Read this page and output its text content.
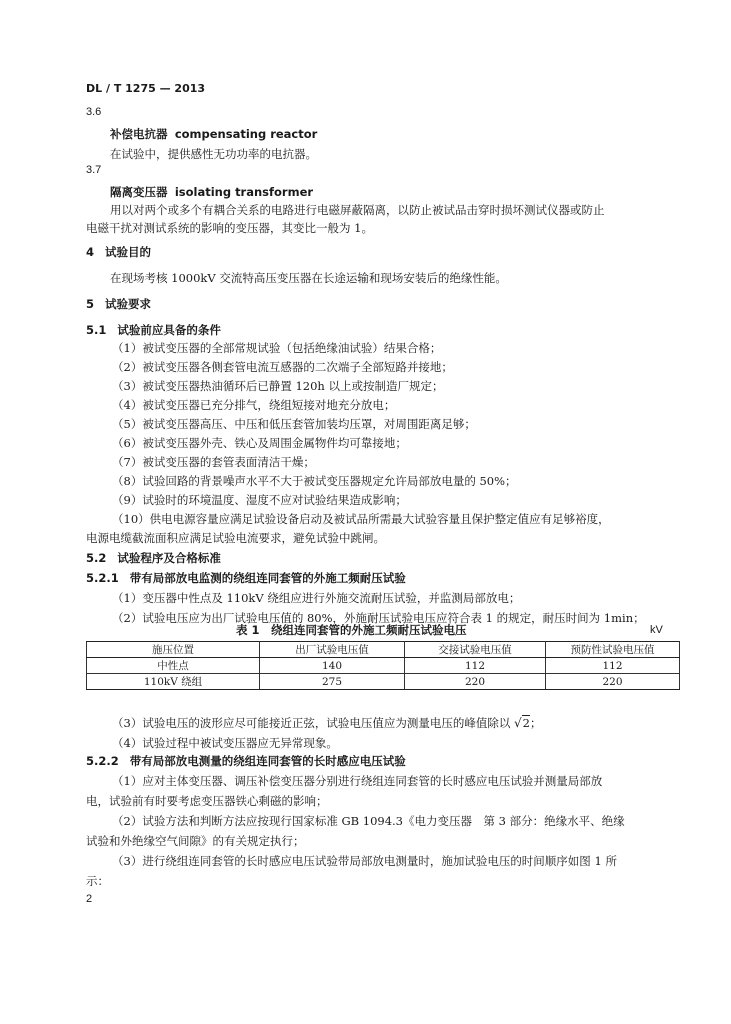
DL / T 1275 — 2013
3.6
补偿电抗器 compensating reactor
在试验中，提供感性无功功率的电抗器。
3.7
隔离变压器 isolating transformer
用以对两个或多个有耦合关系的电路进行电磁屏蔽隔离，以防止被试品击穿时损坏测试仪器或防止
电磁干扰对测试系统的影响的变压器，其变比一般为 1。
4 试验目的
在现场考核 1000kV 交流特高压变压器在长途运输和现场安装后的绝缘性能。
5 试验要求
5.1 试验前应具备的条件
（1）被试变压器的全部常规试验（包括绝缘油试验）结果合格；
（2）被试变压器各侧套管电流互感器的二次端子全部短路并接地；
（3）被试变压器热油循环后已静置 120h 以上或按制造厂规定；
（4）被试变压器已充分排气，绕组短接对地充分放电；
（5）被试变压器高压、中压和低压套管加装均压罩，对周围距离足够；
（6）被试变压器外壳、铁心及周围金属物件均可靠接地；
（7）被试变压器的套管表面清洁干燥；
（8）试验回路的背景噪声水平不大于被试变压器规定允许局部放电量的 50%；
（9）试验时的环境温度、湿度不应对试验结果造成影响；
（10）供电电源容量应满足试验设备启动及被试品所需最大试验容量且保护整定值应有足够裕度，
电源电缆截流面积应满足试验电流要求，避免试验中跳闸。
5.2 试验程序及合格标准
5.2.1 带有局部放电监测的绕组连同套管的外施工频耐压试验
（1）变压器中性点及 110kV 绕组应进行外施交流耐压试验，并监测局部放电；
（2）试验电压应为出厂试验电压值的 80%，外施耐压试验电压应符合表 1 的规定，耐压时间为 1min；
表 1　绕组连同套管的外施工频耐压试验电压	kV
施压位置	出厂试验电压值	交接试验电压值	预防性试验电压值
中性点	140	112	112
110kV 绕组	275	220	220
（3）试验电压的波形应尽可能接近正弦，试验电压值应为测量电压的峰值除以 √2；
（4）试验过程中被试变压器应无异常现象。
5.2.2 带有局部放电测量的绕组连同套管的长时感应电压试验
（1）应对主体变压器、调压补偿变压器分别进行绕组连同套管的长时感应电压试验并测量局部放
电，试验前有时要考虑变压器铁心剩磁的影响；
（2）试验方法和判断方法应按现行国家标准 GB 1094.3《电力变压器　第 3 部分：绝缘水平、绝缘
试验和外绝缘空气间隙》的有关规定执行；
（3）进行绕组连同套管的长时感应电压试验带局部放电测量时，施加试验电压的时间顺序如图 1 所
示：
2
